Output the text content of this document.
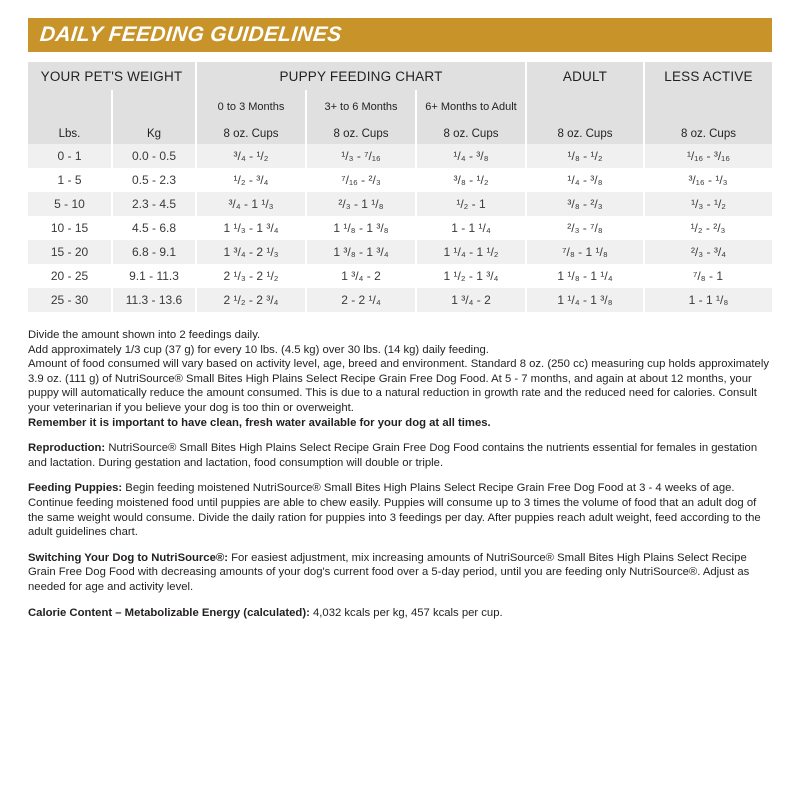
DAILY FEEDING GUIDELINES
YOUR PET'S WEIGHT		PUPPY FEEDING CHART			ADULT	LESS ACTIVE
		0 to 3 Months	3+ to 6 Months	6+ Months to Adult		
Lbs.	Kg	8 oz. Cups	8 oz. Cups	8 oz. Cups	8 oz. Cups	8 oz. Cups
0 - 1	0.0 - 0.5	³/₄ - ¹/₂	¹/₃ - ⁷/₁₆	¹/₄ - ³/₈	¹/₈ - ¹/₂	¹/₁₆ - ³/₁₆
1 - 5	0.5 - 2.3	¹/₂ - ³/₄	⁷/₁₆ - ²/₃	³/₈ - ¹/₂	¹/₄ - ³/₈	³/₁₆ - ¹/₃
5 - 10	2.3 - 4.5	³/₄ - 1 ¹/₃	²/₃ - 1 ¹/₈	¹/₂ - 1	³/₈ - ²/₃	¹/₃ - ¹/₂
10 - 15	4.5 - 6.8	1 ¹/₃ - 1 ³/₄	1 ¹/₈ - 1 ³/₈	1 - 1 ¹/₄	²/₃ - ⁷/₈	¹/₂ - ²/₃
15 - 20	6.8 - 9.1	1 ³/₄ - 2 ¹/₃	1 ³/₈ - 1 ³/₄	1 ¹/₄ - 1 ¹/₂	⁷/₈ - 1 ¹/₈	²/₃ - ³/₄
20 - 25	9.1 - 11.3	2 ¹/₃ - 2 ¹/₂	1 ³/₄ - 2	1 ¹/₂ - 1 ³/₄	1 ¹/₈ - 1 ¹/₄	⁷/₈ - 1
25 - 30	11.3 - 13.6	2 ¹/₂ - 2 ³/₄	2 - 2 ¹/₄	1 ³/₄ - 2	1 ¹/₄ - 1 ³/₈	1 - 1 ¹/₈

Divide the amount shown into 2 feedings daily.

Add approximately 1/3 cup (37 g) for every 10 lbs. (4.5 kg) over 30 lbs. (14 kg) daily feeding.

Amount of food consumed will vary based on activity level, age, breed and environment. Standard 8 oz. (250 cc) measuring cup holds approximately 3.9 oz. (111 g) of NutriSource® Small Bites High Plains Select Recipe Grain Free Dog Food. At 5 - 7 months, and again at about 12 months, your puppy will automatically reduce the amount consumed. This is due to a natural reduction in growth rate and the reduced need for calories. Consult your veterinarian if you believe your dog is too thin or overweight.

Remember it is important to have clean, fresh water available for your dog at all times.

Reproduction: NutriSource® Small Bites High Plains Select Recipe Grain Free Dog Food contains the nutrients essential for females in gestation and lactation. During gestation and lactation, food consumption will double or triple.

Feeding Puppies: Begin feeding moistened NutriSource® Small Bites High Plains Select Recipe Grain Free Dog Food at 3 - 4 weeks of age. Continue feeding moistened food until puppies are able to chew easily. Puppies will consume up to 3 times the volume of food that an adult dog of the same weight would consume. Divide the daily ration for puppies into 3 feedings per day. After puppies reach adult weight, feed according to the adult guidelines chart.

Switching Your Dog to NutriSource®: For easiest adjustment, mix increasing amounts of NutriSource® Small Bites High Plains Select Recipe Grain Free Dog Food with decreasing amounts of your dog's current food over a 5-day period, until you are feeding only NutriSource®. Adjust as needed for age and activity level.

Calorie Content – Metabolizable Energy (calculated): 4,032 kcals per kg, 457 kcals per cup.
